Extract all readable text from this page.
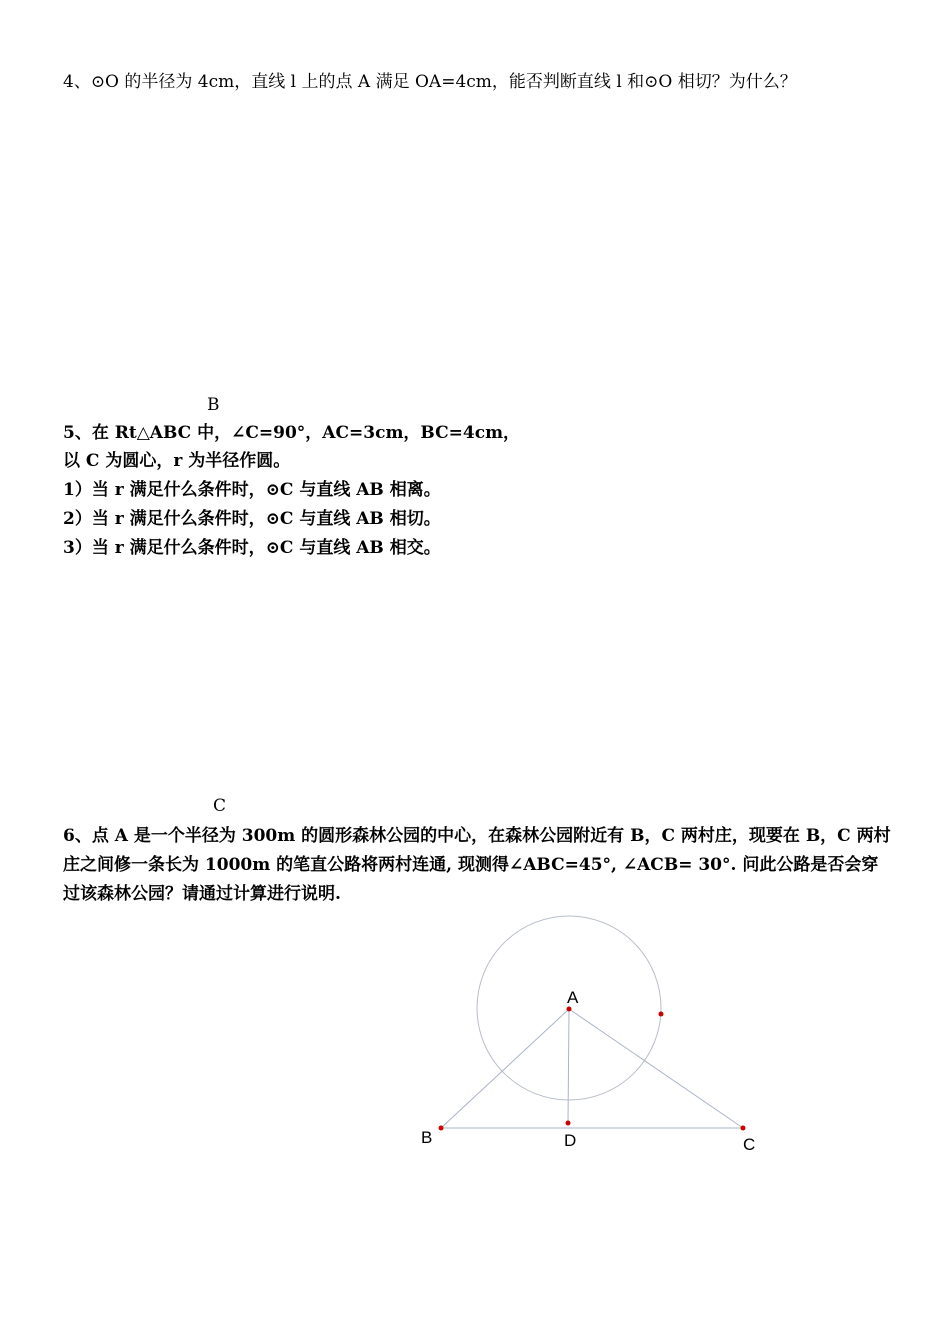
4、⊙O 的半径为 4cm，直线 l 上的点 A 满足 OA=4cm，能否判断直线 l 和⊙O 相切？为什么？
B
5、在 Rt△ABC 中，∠C=90°，AC=3cm，BC=4cm，
以 C 为圆心，r 为半径作圆。
1）当 r 满足什么条件时，⊙C 与直线 AB 相离。
2）当 r 满足什么条件时，⊙C 与直线 AB 相切。
3）当 r 满足什么条件时，⊙C 与直线 AB 相交。
C
6、点 A 是一个半径为 300m 的圆形森林公园的中心，在森林公园附近有 B，C 两村庄，现要在 B，C 两村庄之间修一条长为 1000m 的笔直公路将两村连通, 现测得∠ABC=45°, ∠ACB= 30°. 问此公路是否会穿过该森林公园？请通过计算进行说明.
A
B	D	C
